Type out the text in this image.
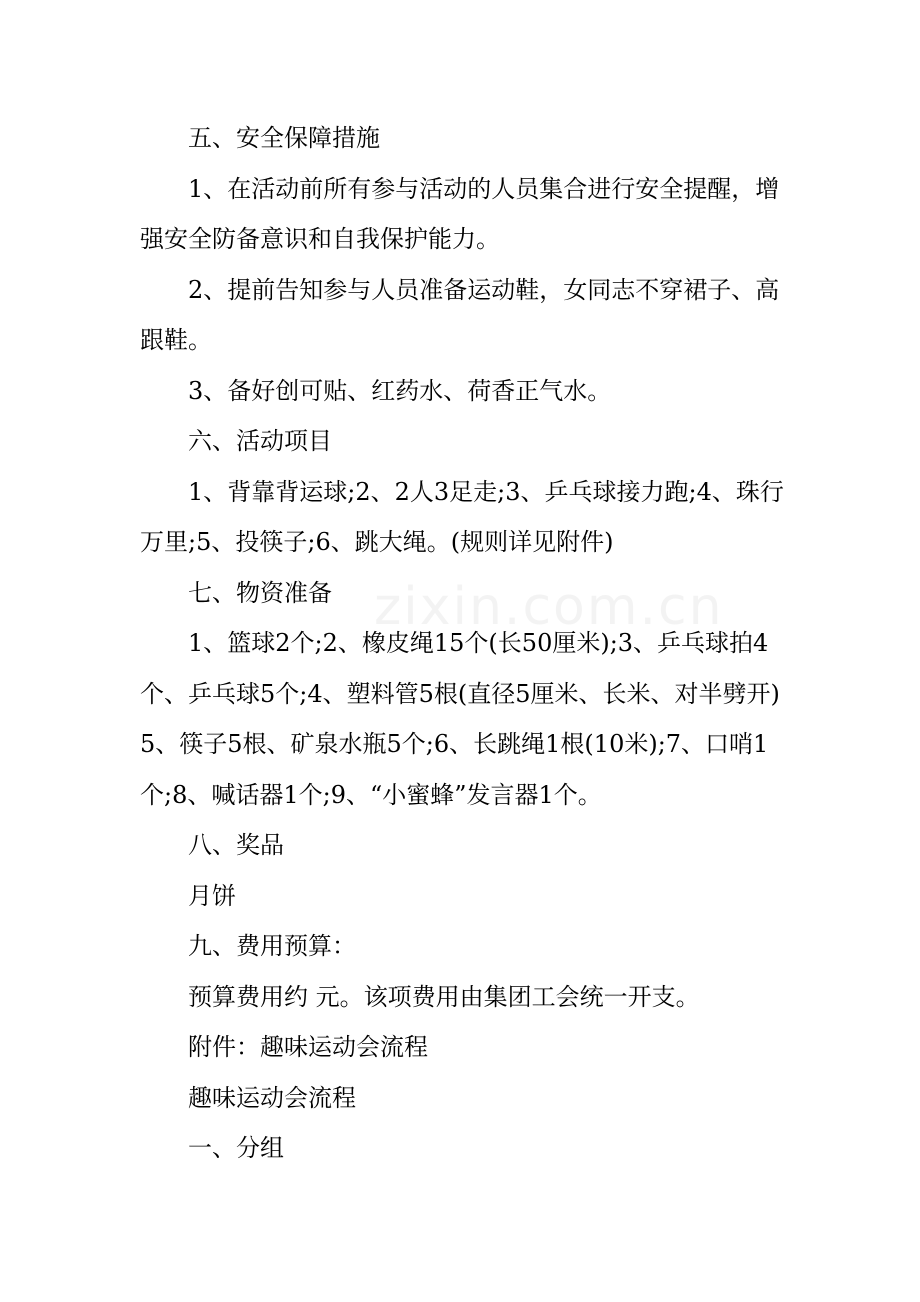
五、安全保障措施

1、在活动前所有参与活动的人员集合进行安全提醒，增强安全防备意识和自我保护能力。

2、提前告知参与人员准备运动鞋，女同志不穿裙子、高跟鞋。

3、备好创可贴、红药水、荷香正气水。

六、活动项目

1、背靠背运球;2、2人3足走;3、乒乓球接力跑;4、珠行万里;5、投筷子;6、跳大绳。(规则详见附件)

七、物资准备

1、篮球2个;2、橡皮绳15个(长50厘米);3、乒乓球拍4个、乒乓球5个;4、塑料管5根(直径5厘米、长米、对半劈开)5、筷子5根、矿泉水瓶5个;6、长跳绳1根(10米);7、口哨1个;8、喊话器1个;9、“小蜜蜂”发言器1个。

八、奖品

月饼

九、费用预算：

预算费用约 元。该项费用由集团工会统一开支。

附件：趣味运动会流程

趣味运动会流程

一、分组

zixin.com.cn
